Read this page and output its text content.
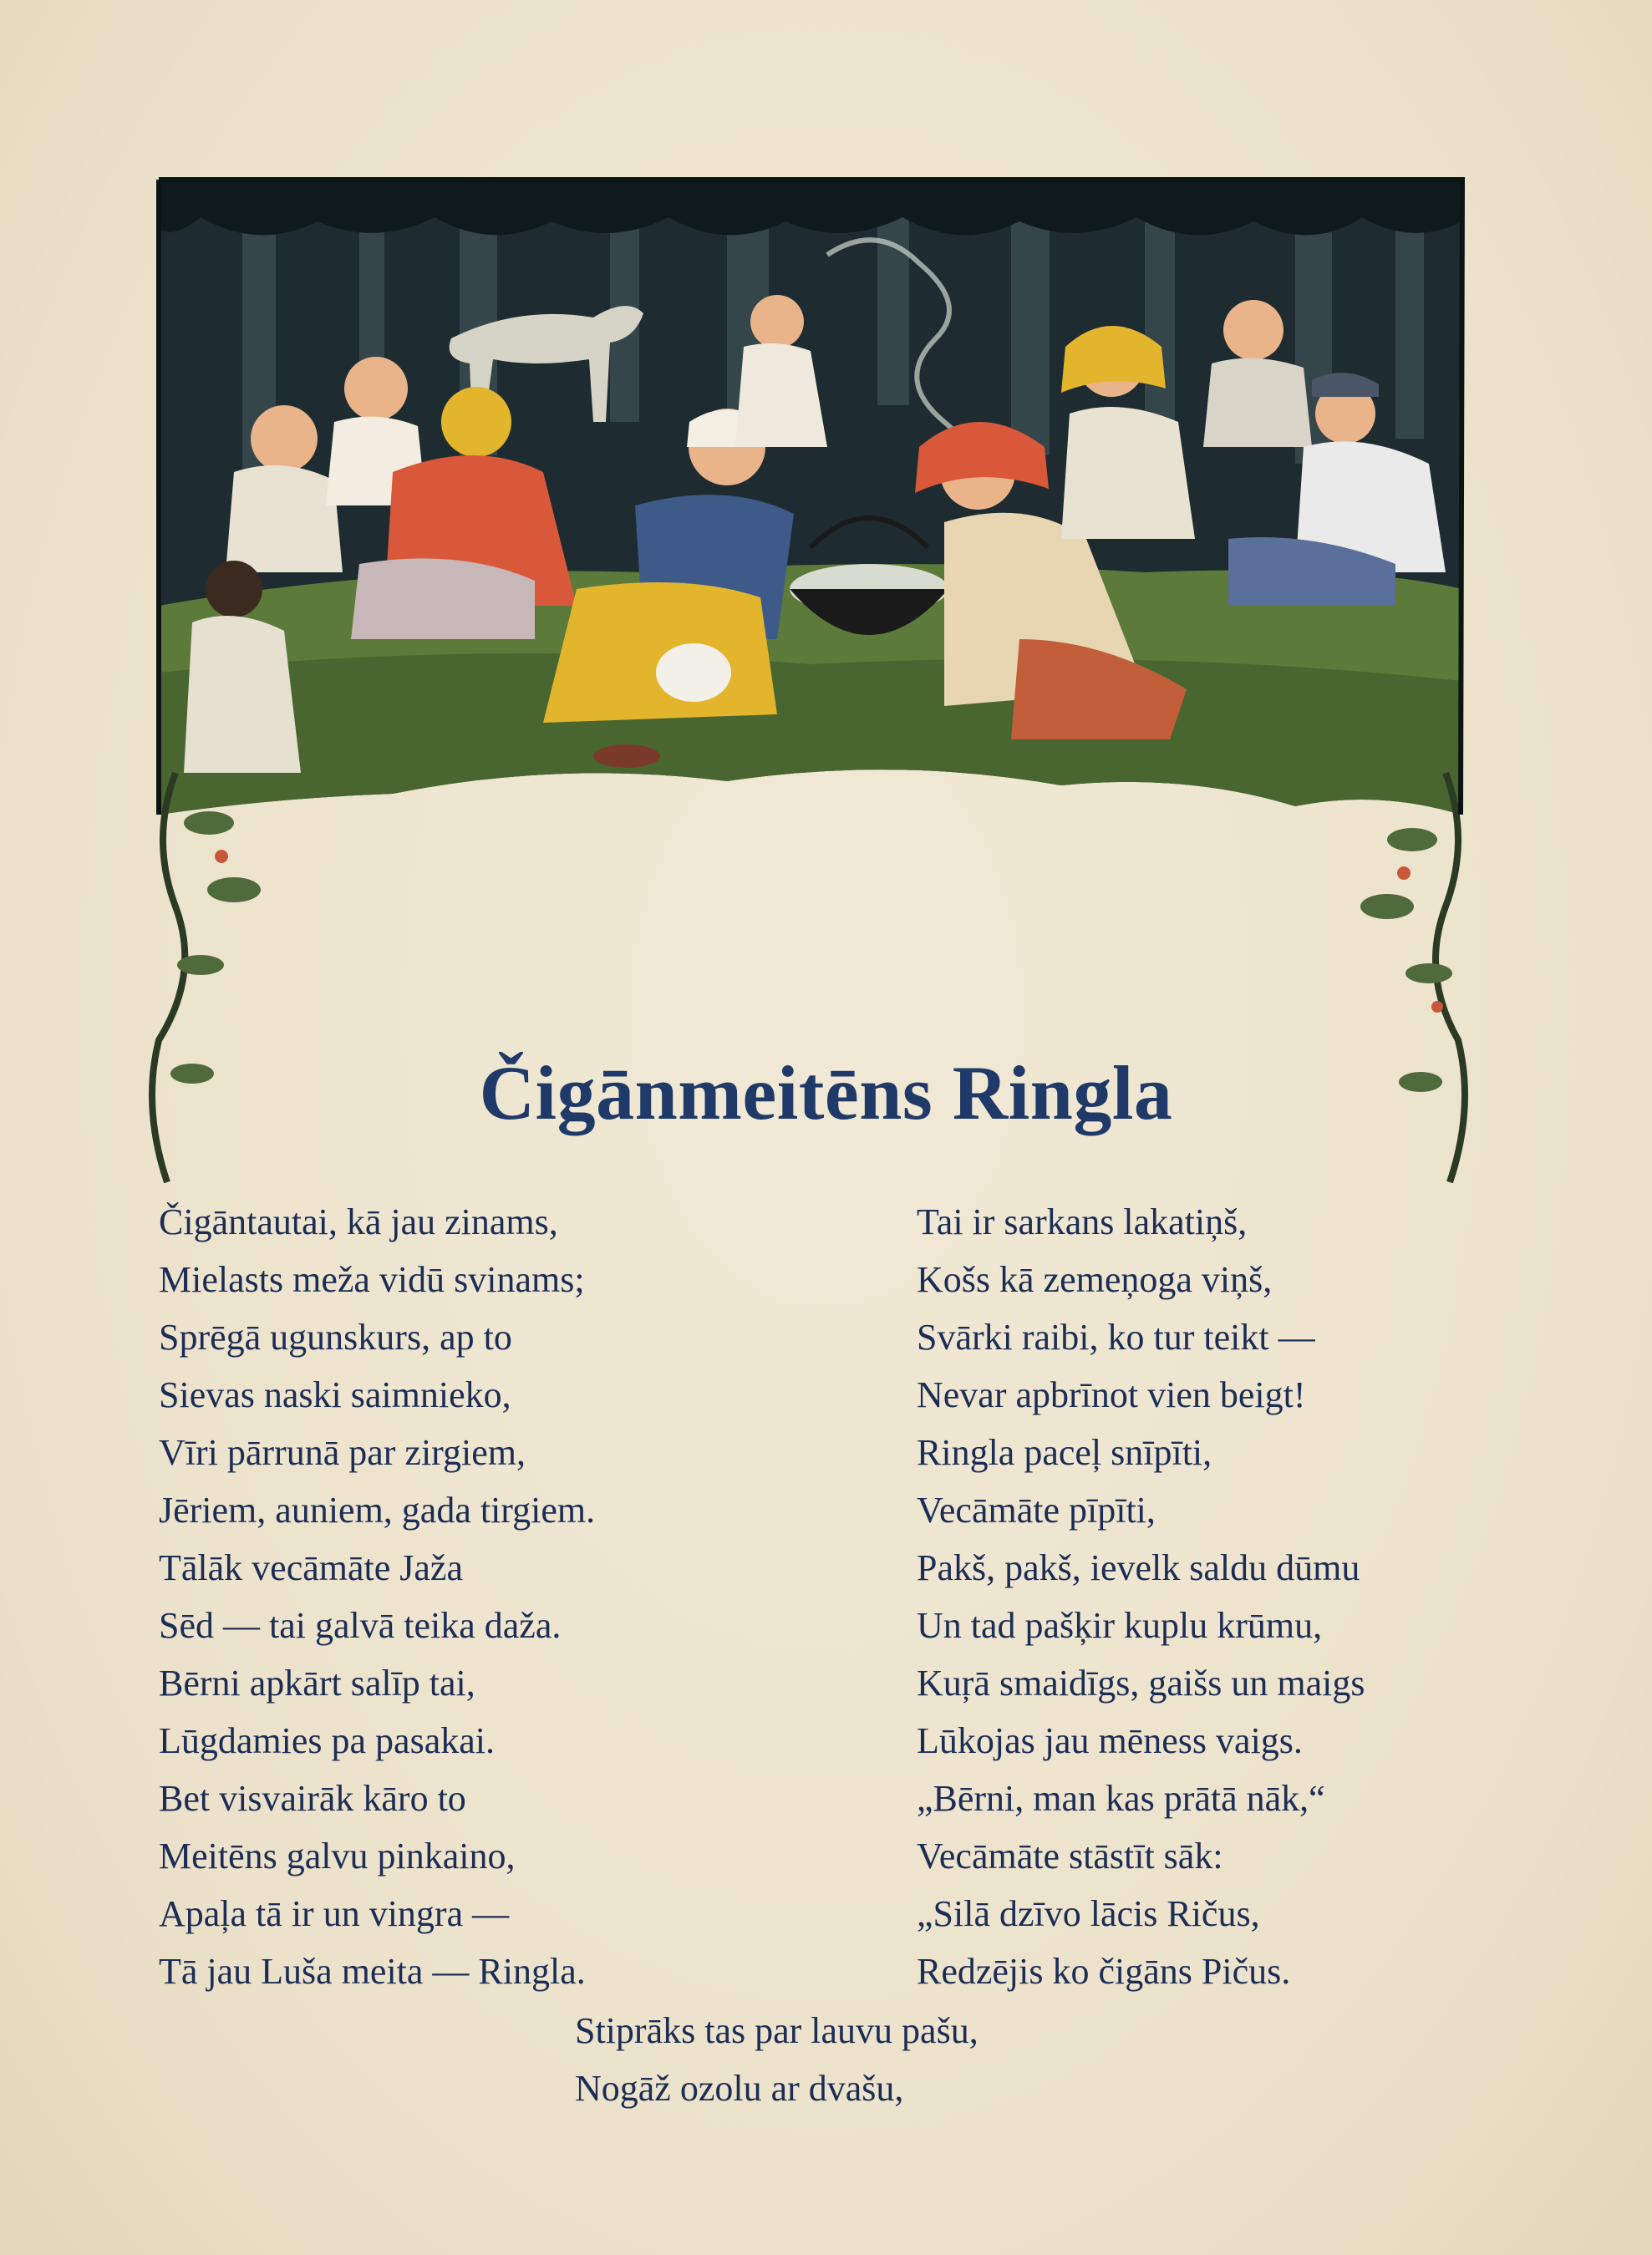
Čigānmeitēns Ringla
Čigāntautai, kā jau zinams,
Mielasts meža vidū svinams;
Sprēgā ugunskurs, ap to
Sievas naski saimnieko,
Vīri pārrunā par zirgiem,
Jēriem, auniem, gada tirgiem.
Tālāk vecāmāte Jaža
Sēd — tai galvā teika daža.
Bērni apkārt salīp tai,
Lūgdamies pa pasakai.
Bet visvairāk kāro to
Meitēns galvu pinkaino,
Apaļa tā ir un vingra —
Tā jau Luša meita — Ringla.
Tai ir sarkans lakatiņš,
Košs kā zemeņoga viņš,
Svārki raibi, ko tur teikt —
Nevar apbrīnot vien beigt!
Ringla paceļ snīpīti,
Vecāmāte pīpīti,
Pakš, pakš, ievelk saldu dūmu
Un tad pašķir kuplu krūmu,
Kuŗā smaidīgs, gaišs un maigs
Lūkojas jau mēness vaigs.
„Bērni, man kas prātā nāk,“
Vecāmāte stāstīt sāk:
„Silā dzīvo lācis Ričus,
Redzējis ko čigāns Pičus.
Stiprāks tas par lauvu pašu,
Nogāž ozolu ar dvašu,
